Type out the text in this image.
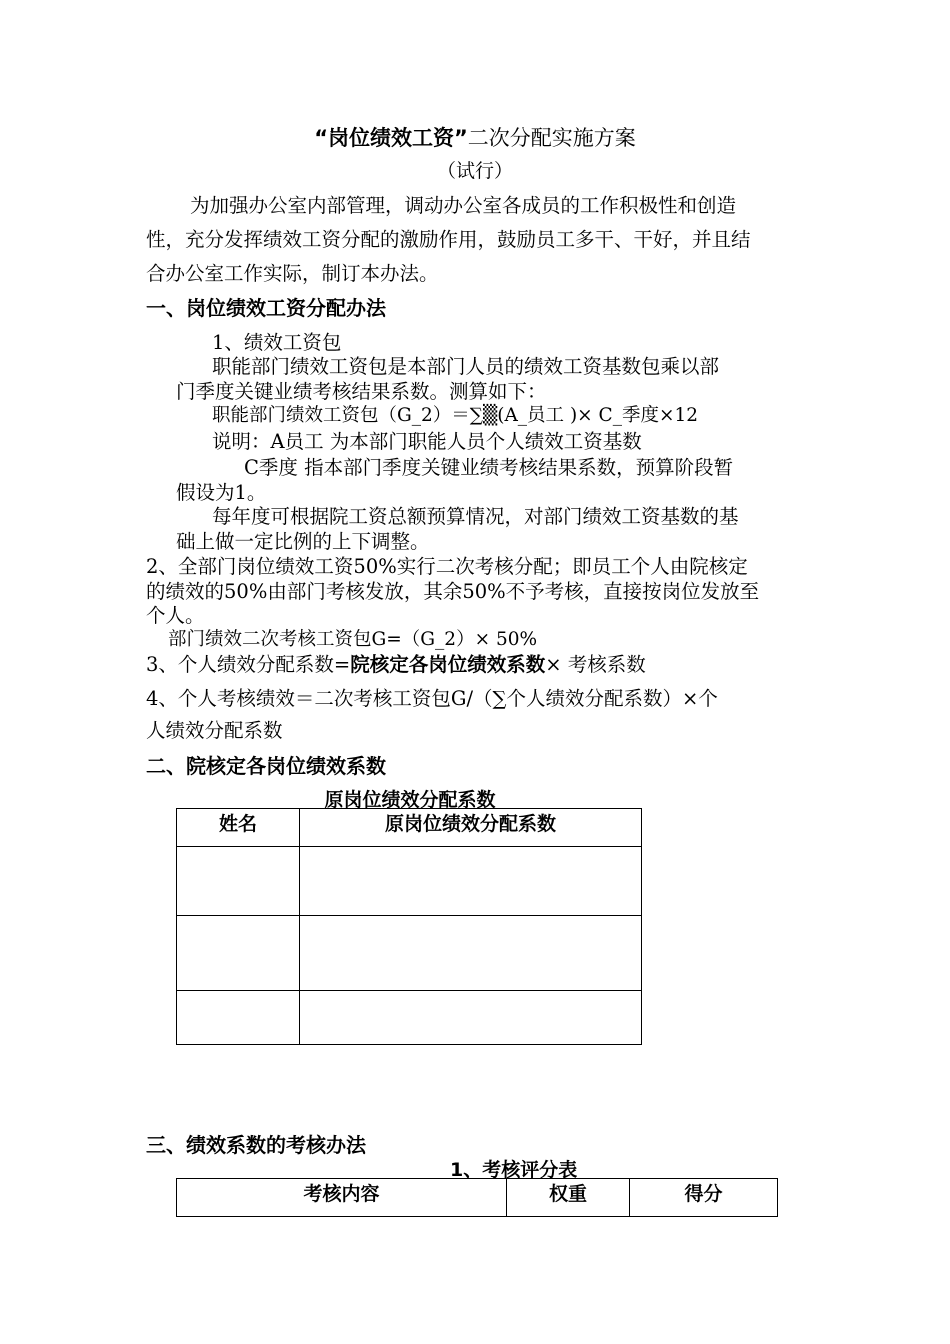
“岗位绩效工资”二次分配实施方案
（试行）
为加强办公室内部管理，调动办公室各成员的工作积极性和创造
性，充分发挥绩效工资分配的激励作用，鼓励员工多干、干好，并且结
合办公室工作实际，制订本办法。
一、岗位绩效工资分配办法
1、绩效工资包
职能部门绩效工资包是本部门人员的绩效工资基数包乘以部
门季度关键业绩考核结果系数。测算如下：
职能部门绩效工资包（G_2）＝∑▒(A_员工 )× C_季度×12
说明：A员工 为本部门职能人员个人绩效工资基数
C季度 指本部门季度关键业绩考核结果系数，预算阶段暂
假设为1。
每年度可根据院工资总额预算情况，对部门绩效工资基数的基
础上做一定比例的上下调整。
2、全部门岗位绩效工资50%实行二次考核分配；即员工个人由院核定
的绩效的50%由部门考核发放，其余50%不予考核，直接按岗位发放至
个人。
部门绩效二次考核工资包G=（G_2）× 50%
3、个人绩效分配系数=院核定各岗位绩效系数× 考核系数
4、个人考核绩效＝二次考核工资包G/（∑个人绩效分配系数）×个
人绩效分配系数
二、院核定各岗位绩效系数
原岗位绩效分配系数
姓名	原岗位绩效分配系数

三、绩效系数的考核办法
1、考核评分表
考核内容	权重	得分
